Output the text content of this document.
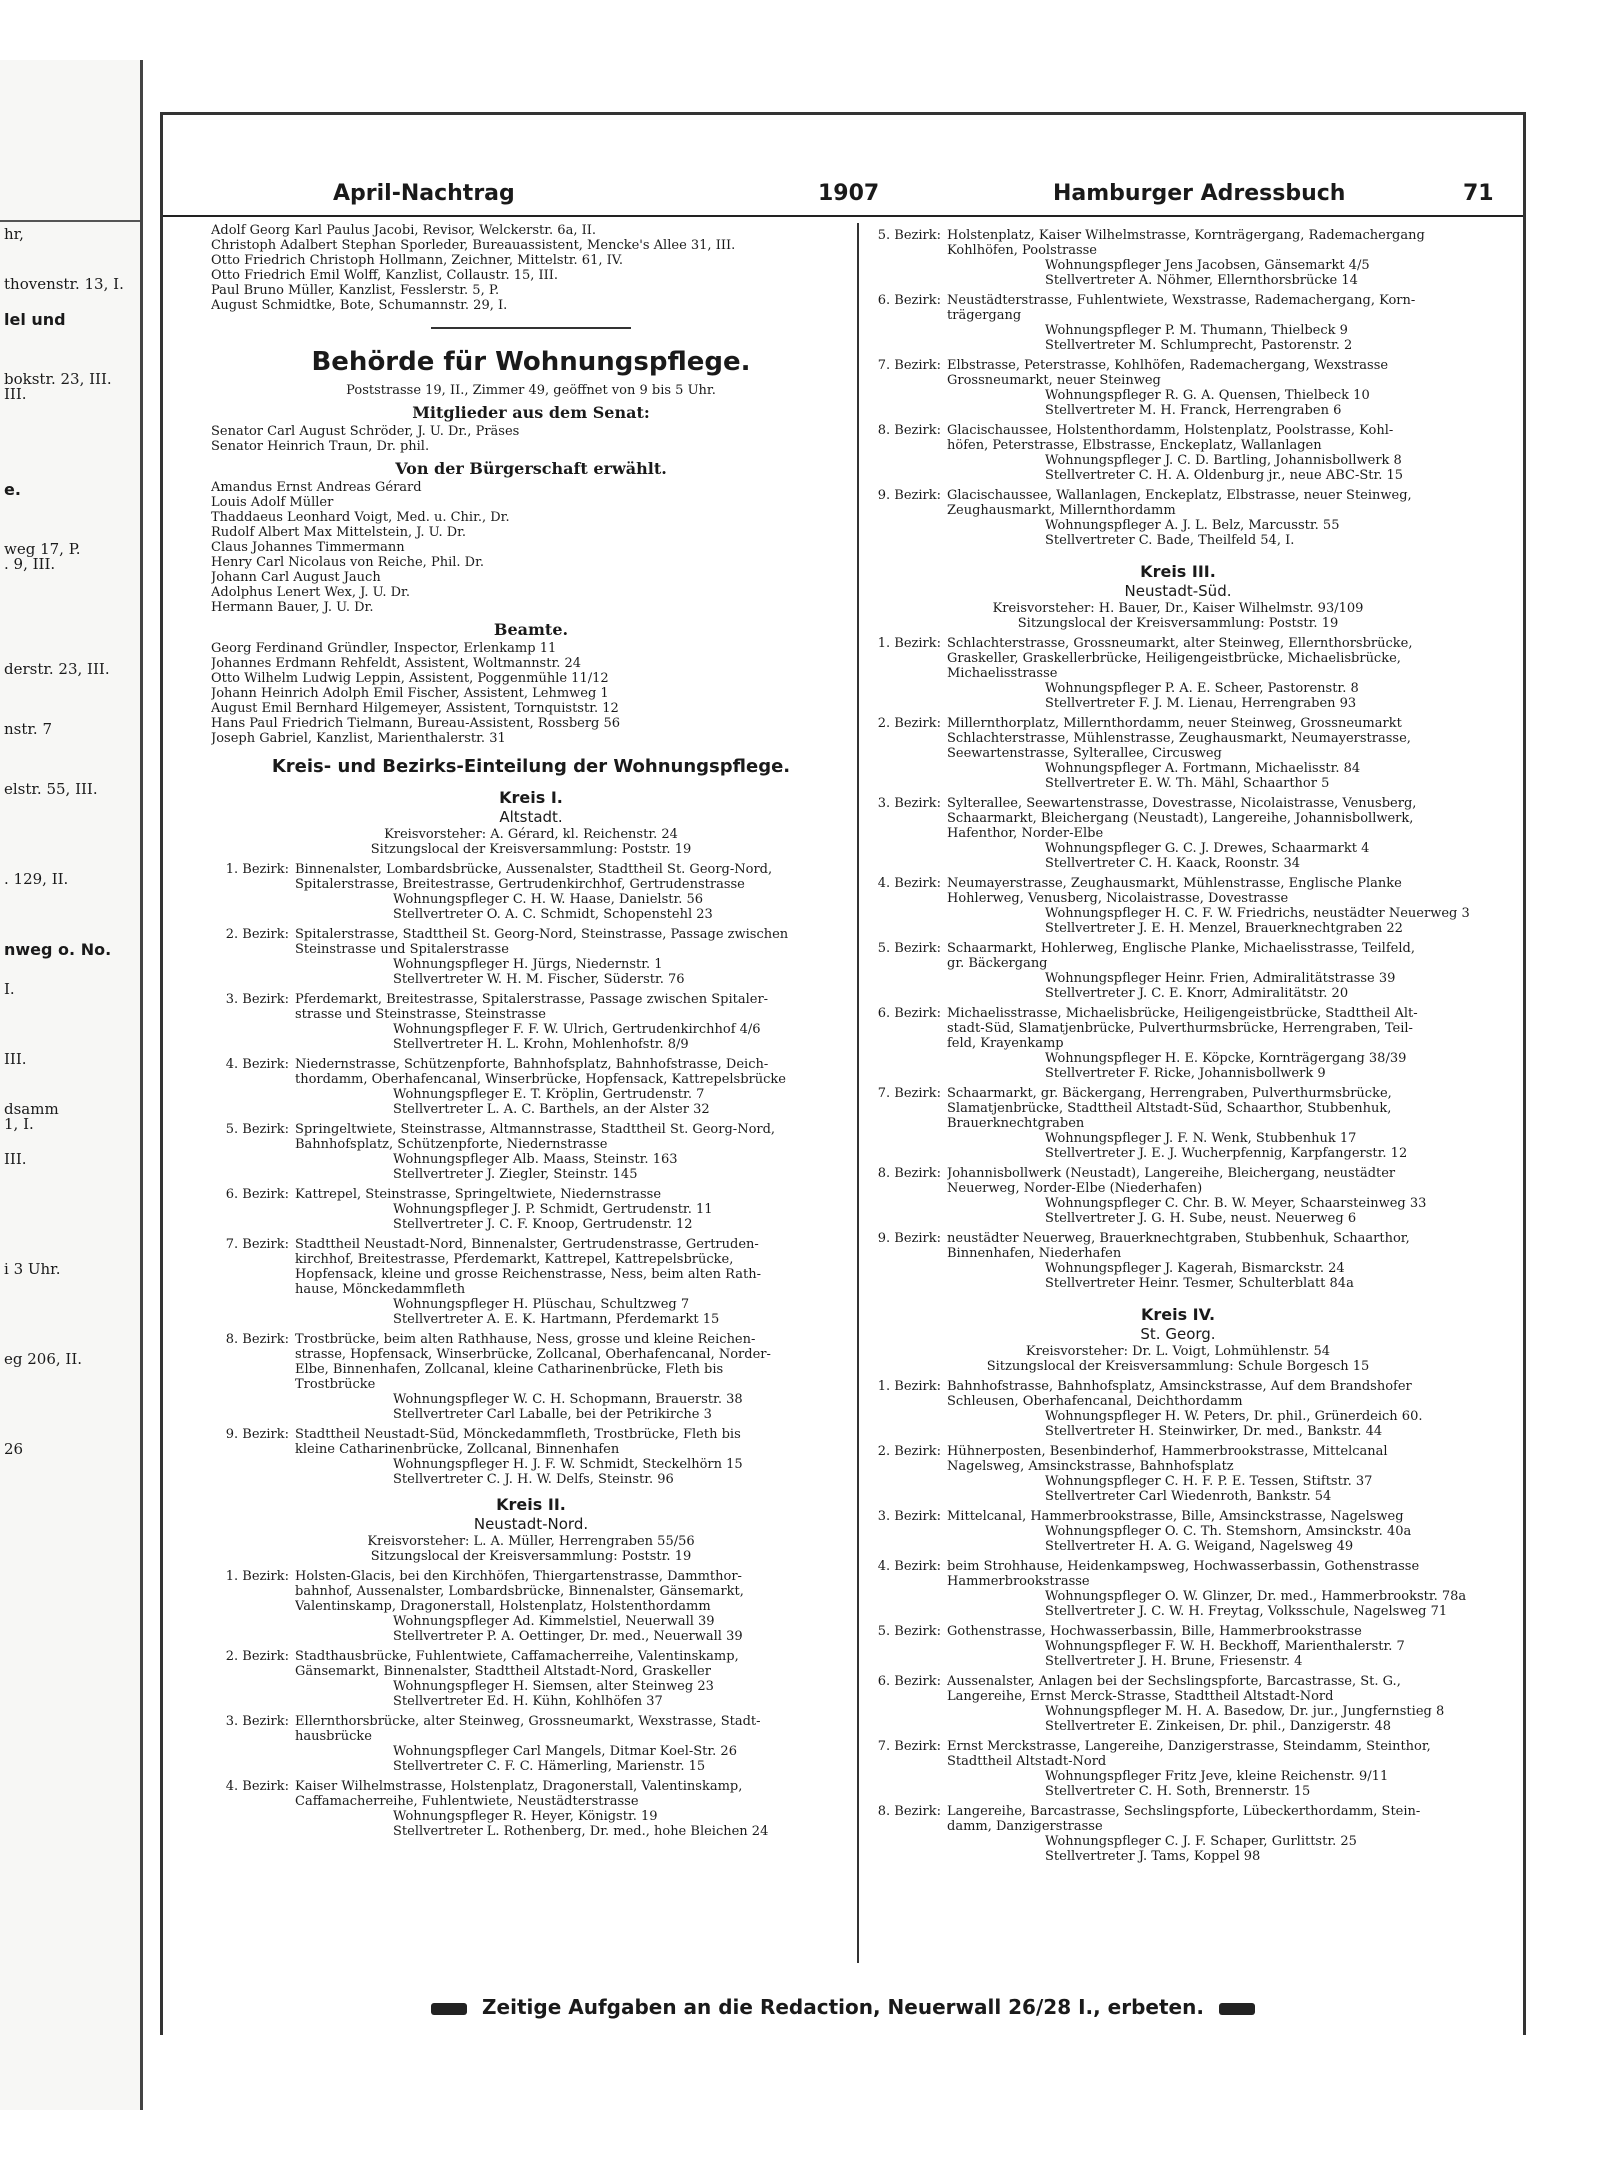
hr,
thovenstr. 13, I.
lel und
bokstr. 23, III.
III.
e.
weg 17, P.
. 9, III.
derstr. 23, III.
nstr. 7
elstr. 55, III.
. 129, II.
nweg o. No.
I.
III.
dsamm
1, I.
III.
i 3 Uhr.
eg 206, II.
26
April-Nachtrag	1907	Hamburger Adressbuch	71
Adolf Georg Karl Paulus Jacobi, Revisor, Welckerstr. 6a, II.
Christoph Adalbert Stephan Sporleder, Bureauassistent, Mencke's Allee 31, III.
Otto Friedrich Christoph Hollmann, Zeichner, Mittelstr. 61, IV.
Otto Friedrich Emil Wolff, Kanzlist, Collaustr. 15, III.
Paul Bruno Müller, Kanzlist, Fesslerstr. 5, P.
August Schmidtke, Bote, Schumannstr. 29, I.
Behörde für Wohnungspflege.
Poststrasse 19, II., Zimmer 49, geöffnet von 9 bis 5 Uhr.
Mitglieder aus dem Senat:
Senator Carl August Schröder, J. U. Dr., Präses
Senator Heinrich Traun, Dr. phil.
Von der Bürgerschaft erwählt.
Amandus Ernst Andreas Gérard
Louis Adolf Müller
Thaddaeus Leonhard Voigt, Med. u. Chir., Dr.
Rudolf Albert Max Mittelstein, J. U. Dr.
Claus Johannes Timmermann
Henry Carl Nicolaus von Reiche, Phil. Dr.
Johann Carl August Jauch
Adolphus Lenert Wex, J. U. Dr.
Hermann Bauer, J. U. Dr.
Beamte.
Georg Ferdinand Gründler, Inspector, Erlenkamp 11
Johannes Erdmann Rehfeldt, Assistent, Woltmannstr. 24
Otto Wilhelm Ludwig Leppin, Assistent, Poggenmühle 11/12
Johann Heinrich Adolph Emil Fischer, Assistent, Lehmweg 1
August Emil Bernhard Hilgemeyer, Assistent, Tornquiststr. 12
Hans Paul Friedrich Tielmann, Bureau-Assistent, Rossberg 56
Joseph Gabriel, Kanzlist, Marienthalerstr. 31
Kreis- und Bezirks-Einteilung der Wohnungspflege.
Kreis I.
Altstadt.
Kreisvorsteher: A. Gérard, kl. Reichenstr. 24
Sitzungslocal der Kreisversammlung: Poststr. 19
1. Bezirk: Binnenalster, Lombardsbrücke, Aussenalster, Stadttheil St. Georg-Nord,
Spitalerstrasse, Breitestrasse, Gertrudenkirchhof, Gertrudenstrasse
Wohnungspfleger C. H. W. Haase, Danielstr. 56
Stellvertreter O. A. C. Schmidt, Schopenstehl 23
2. Bezirk: Spitalerstrasse, Stadttheil St. Georg-Nord, Steinstrasse, Passage zwischen
Steinstrasse und Spitalerstrasse
Wohnungspfleger H. Jürgs, Niedernstr. 1
Stellvertreter W. H. M. Fischer, Süderstr. 76
3. Bezirk: Pferdemarkt, Breitestrasse, Spitalerstrasse, Passage zwischen Spitaler-
strasse und Steinstrasse, Steinstrasse
Wohnungspfleger F. F. W. Ulrich, Gertrudenkirchhof 4/6
Stellvertreter H. L. Krohn, Mohlenhofstr. 8/9
4. Bezirk: Niedernstrasse, Schützenpforte, Bahnhofsplatz, Bahnhofstrasse, Deich-
thordamm, Oberhafencanal, Winserbrücke, Hopfensack, Kattrepelsbrücke
Wohnungspfleger E. T. Kröplin, Gertrudenstr. 7
Stellvertreter L. A. C. Barthels, an der Alster 32
5. Bezirk: Springeltwiete, Steinstrasse, Altmannstrasse, Stadttheil St. Georg-Nord,
Bahnhofsplatz, Schützenpforte, Niedernstrasse
Wohnungspfleger Alb. Maass, Steinstr. 163
Stellvertreter J. Ziegler, Steinstr. 145
6. Bezirk: Kattrepel, Steinstrasse, Springeltwiete, Niedernstrasse
Wohnungspfleger J. P. Schmidt, Gertrudenstr. 11
Stellvertreter J. C. F. Knoop, Gertrudenstr. 12
7. Bezirk: Stadttheil Neustadt-Nord, Binnenalster, Gertrudenstrasse, Gertruden-
kirchhof, Breitestrasse, Pferdemarkt, Kattrepel, Kattrepelsbrücke,
Hopfensack, kleine und grosse Reichenstrasse, Ness, beim alten Rath-
hause, Mönckedammfleth
Wohnungspfleger H. Plüschau, Schultzweg 7
Stellvertreter A. E. K. Hartmann, Pferdemarkt 15
8. Bezirk: Trostbrücke, beim alten Rathhause, Ness, grosse und kleine Reichen-
strasse, Hopfensack, Winserbrücke, Zollcanal, Oberhafencanal, Norder-
Elbe, Binnenhafen, Zollcanal, kleine Catharinenbrücke, Fleth bis
Trostbrücke
Wohnungspfleger W. C. H. Schopmann, Brauerstr. 38
Stellvertreter Carl Laballe, bei der Petrikirche 3
9. Bezirk: Stadttheil Neustadt-Süd, Mönckedammfleth, Trostbrücke, Fleth bis
kleine Catharinenbrücke, Zollcanal, Binnenhafen
Wohnungspfleger H. J. F. W. Schmidt, Steckelhörn 15
Stellvertreter C. J. H. W. Delfs, Steinstr. 96
Kreis II.
Neustadt-Nord.
Kreisvorsteher: L. A. Müller, Herrengraben 55/56
Sitzungslocal der Kreisversammlung: Poststr. 19
1. Bezirk: Holsten-Glacis, bei den Kirchhöfen, Thiergartenstrasse, Dammthor-
bahnhof, Aussenalster, Lombardsbrücke, Binnenalster, Gänsemarkt,
Valentinskamp, Dragonerstall, Holstenplatz, Holstenthordamm
Wohnungspfleger Ad. Kimmelstiel, Neuerwall 39
Stellvertreter P. A. Oettinger, Dr. med., Neuerwall 39
2. Bezirk: Stadthausbrücke, Fuhlentwiete, Caffamacherreihe, Valentinskamp,
Gänsemarkt, Binnenalster, Stadttheil Altstadt-Nord, Graskeller
Wohnungspfleger H. Siemsen, alter Steinweg 23
Stellvertreter Ed. H. Kühn, Kohlhöfen 37
3. Bezirk: Ellernthorsbrücke, alter Steinweg, Grossneumarkt, Wexstrasse, Stadt-
hausbrücke
Wohnungspfleger Carl Mangels, Ditmar Koel-Str. 26
Stellvertreter C. F. C. Hämerling, Marienstr. 15
4. Bezirk: Kaiser Wilhelmstrasse, Holstenplatz, Dragonerstall, Valentinskamp,
Caffamacherreihe, Fuhlentwiete, Neustädterstrasse
Wohnungspfleger R. Heyer, Königstr. 19
Stellvertreter L. Rothenberg, Dr. med., hohe Bleichen 24
5. Bezirk: Holstenplatz, Kaiser Wilhelmstrasse, Kornträgergang, Rademachergang
Kohlhöfen, Poolstrasse
Wohnungspfleger Jens Jacobsen, Gänsemarkt 4/5
Stellvertreter A. Nöhmer, Ellernthorsbrücke 14
6. Bezirk: Neustädterstrasse, Fuhlentwiete, Wexstrasse, Rademachergang, Korn-
trägergang
Wohnungspfleger P. M. Thumann, Thielbeck 9
Stellvertreter M. Schlumprecht, Pastorenstr. 2
7. Bezirk: Elbstrasse, Peterstrasse, Kohlhöfen, Rademachergang, Wexstrasse
Grossneumarkt, neuer Steinweg
Wohnungspfleger R. G. A. Quensen, Thielbeck 10
Stellvertreter M. H. Franck, Herrengraben 6
8. Bezirk: Glacischaussee, Holstenthordamm, Holstenplatz, Poolstrasse, Kohl-
höfen, Peterstrasse, Elbstrasse, Enckeplatz, Wallanlagen
Wohnungspfleger J. C. D. Bartling, Johannisbollwerk 8
Stellvertreter C. H. A. Oldenburg jr., neue ABC-Str. 15
9. Bezirk: Glacischaussee, Wallanlagen, Enckeplatz, Elbstrasse, neuer Steinweg,
Zeughausmarkt, Millernthordamm
Wohnungspfleger A. J. L. Belz, Marcusstr. 55
Stellvertreter C. Bade, Theilfeld 54, I.
Kreis III.
Neustadt-Süd.
Kreisvorsteher: H. Bauer, Dr., Kaiser Wilhelmstr. 93/109
Sitzungslocal der Kreisversammlung: Poststr. 19
1. Bezirk: Schlachterstrasse, Grossneumarkt, alter Steinweg, Ellernthorsbrücke,
Graskeller, Graskellerbrücke, Heiligengeistbrücke, Michaelisbrücke,
Michaelisstrasse
Wohnungspfleger P. A. E. Scheer, Pastorenstr. 8
Stellvertreter F. J. M. Lienau, Herrengraben 93
2. Bezirk: Millernthorplatz, Millernthordamm, neuer Steinweg, Grossneumarkt
Schlachterstrasse, Mühlenstrasse, Zeughausmarkt, Neumayerstrasse,
Seewartenstrasse, Sylterallee, Circusweg
Wohnungspfleger A. Fortmann, Michaelisstr. 84
Stellvertreter E. W. Th. Mähl, Schaarthor 5
3. Bezirk: Sylterallee, Seewartenstrasse, Dovestrasse, Nicolaistrasse, Venusberg,
Schaarmarkt, Bleichergang (Neustadt), Langereihe, Johannisbollwerk,
Hafenthor, Norder-Elbe
Wohnungspfleger G. C. J. Drewes, Schaarmarkt 4
Stellvertreter C. H. Kaack, Roonstr. 34
4. Bezirk: Neumayerstrasse, Zeughausmarkt, Mühlenstrasse, Englische Planke
Hohlerweg, Venusberg, Nicolaistrasse, Dovestrasse
Wohnungspfleger H. C. F. W. Friedrichs, neustädter Neuerweg 3
Stellvertreter J. E. H. Menzel, Brauerknechtgraben 22
5. Bezirk: Schaarmarkt, Hohlerweg, Englische Planke, Michaelisstrasse, Teilfeld,
gr. Bäckergang
Wohnungspfleger Heinr. Frien, Admiralitätstrasse 39
Stellvertreter J. C. E. Knorr, Admiralitätstr. 20
6. Bezirk: Michaelisstrasse, Michaelisbrücke, Heiligengeistbrücke, Stadttheil Alt-
stadt-Süd, Slamatjenbrücke, Pulverthurmsbrücke, Herrengraben, Teil-
feld, Krayenkamp
Wohnungspfleger H. E. Köpcke, Kornträgergang 38/39
Stellvertreter F. Ricke, Johannisbollwerk 9
7. Bezirk: Schaarmarkt, gr. Bäckergang, Herrengraben, Pulverthurmsbrücke,
Slamatjenbrücke, Stadttheil Altstadt-Süd, Schaarthor, Stubbenhuk,
Brauerknechtgraben
Wohnungspfleger J. F. N. Wenk, Stubbenhuk 17
Stellvertreter J. E. J. Wucherpfennig, Karpfangerstr. 12
8. Bezirk: Johannisbollwerk (Neustadt), Langereihe, Bleichergang, neustädter
Neuerweg, Norder-Elbe (Niederhafen)
Wohnungspfleger C. Chr. B. W. Meyer, Schaarsteinweg 33
Stellvertreter J. G. H. Sube, neust. Neuerweg 6
9. Bezirk: neustädter Neuerweg, Brauerknechtgraben, Stubbenhuk, Schaarthor,
Binnenhafen, Niederhafen
Wohnungspfleger J. Kagerah, Bismarckstr. 24
Stellvertreter Heinr. Tesmer, Schulterblatt 84a
Kreis IV.
St. Georg.
Kreisvorsteher: Dr. L. Voigt, Lohmühlenstr. 54
Sitzungslocal der Kreisversammlung: Schule Borgesch 15
1. Bezirk: Bahnhofstrasse, Bahnhofsplatz, Amsinckstrasse, Auf dem Brandshofer
Schleusen, Oberhafencanal, Deichthordamm
Wohnungspfleger H. W. Peters, Dr. phil., Grünerdeich 60.
Stellvertreter H. Steinwirker, Dr. med., Bankstr. 44
2. Bezirk: Hühnerposten, Besenbinderhof, Hammerbrookstrasse, Mittelcanal
Nagelsweg, Amsinckstrasse, Bahnhofsplatz
Wohnungspfleger C. H. F. P. E. Tessen, Stiftstr. 37
Stellvertreter Carl Wiedenroth, Bankstr. 54
3. Bezirk: Mittelcanal, Hammerbrookstrasse, Bille, Amsinckstrasse, Nagelsweg
Wohnungspfleger O. C. Th. Stemshorn, Amsinckstr. 40a
Stellvertreter H. A. G. Weigand, Nagelsweg 49
4. Bezirk: beim Strohhause, Heidenkampsweg, Hochwasserbassin, Gothenstrasse
Hammerbrookstrasse
Wohnungspfleger O. W. Glinzer, Dr. med., Hammerbrookstr. 78a
Stellvertreter J. C. W. H. Freytag, Volksschule, Nagelsweg 71
5. Bezirk: Gothenstrasse, Hochwasserbassin, Bille, Hammerbrookstrasse
Wohnungspfleger F. W. H. Beckhoff, Marienthalerstr. 7
Stellvertreter J. H. Brune, Friesenstr. 4
6. Bezirk: Aussenalster, Anlagen bei der Sechslingspforte, Barcastrasse, St. G.,
Langereihe, Ernst Merck-Strasse, Stadttheil Altstadt-Nord
Wohnungspfleger M. H. A. Basedow, Dr. jur., Jungfernstieg 8
Stellvertreter E. Zinkeisen, Dr. phil., Danzigerstr. 48
7. Bezirk: Ernst Merckstrasse, Langereihe, Danzigerstrasse, Steindamm, Steinthor,
Stadttheil Altstadt-Nord
Wohnungspfleger Fritz Jeve, kleine Reichenstr. 9/11
Stellvertreter C. H. Soth, Brennerstr. 15
8. Bezirk: Langereihe, Barcastrasse, Sechslingspforte, Lübeckerthordamm, Stein-
damm, Danzigerstrasse
Wohnungspfleger C. J. F. Schaper, Gurlittstr. 25
Stellvertreter J. Tams, Koppel 98
Zeitige Aufgaben an die Redaction, Neuerwall 26/28 I., erbeten.
